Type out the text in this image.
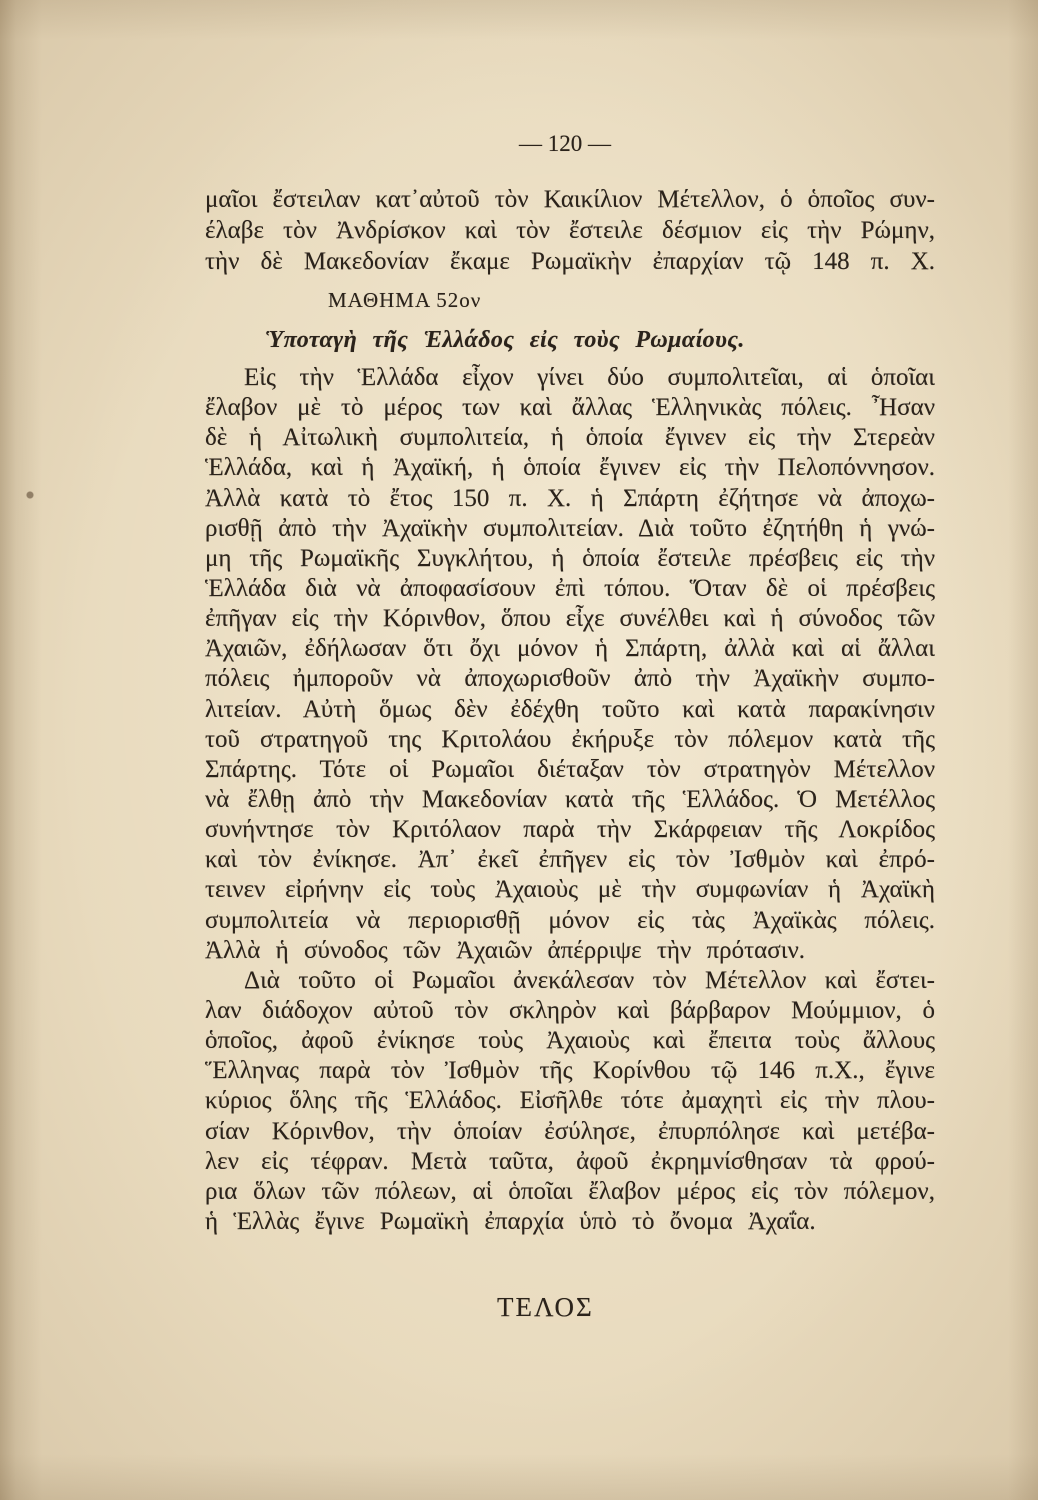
— 120 —
μαῖοι ἔστειλαν κατ᾽αὐτοῦ τὸν Καικίλιον Μέτελλον, ὁ ὁποῖος συν-
έλαβε τὸν Ἀνδρίσκον καὶ τὸν ἔστειλε δέσμιον εἰς τὴν Ρώμην,
τὴν δὲ Μακεδονίαν ἔκαμε Ρωμαϊκὴν ἐπαρχίαν τῷ 148 π. Χ.
ΜΑΘΗΜΑ 52ον
Ὑποταγὴ τῆς Ἑλλάδος εἰς τοὺς Ρωμαίους.
Εἰς τὴν Ἑλλάδα εἶχον γίνει δύο συμπολιτεῖαι, αἱ ὁποῖαι
ἔλαβον μὲ τὸ μέρος των καὶ ἄλλας Ἑλληνικὰς πόλεις. Ἦσαν
δὲ ἡ Αἰτωλικὴ συμπολιτεία, ἡ ὁποία ἔγινεν εἰς τὴν Στερεὰν
Ἑλλάδα, καὶ ἡ Ἀχαϊκή, ἡ ὁποία ἔγινεν εἰς τὴν Πελοπόννησον.
Ἀλλὰ κατὰ τὸ ἔτος 150 π. Χ. ἡ Σπάρτη ἐζήτησε νὰ ἀποχω-
ρισθῇ ἀπὸ τὴν Ἀχαϊκὴν συμπολιτείαν. Διὰ τοῦτο ἐζητήθη ἡ γνώ-
μη τῆς Ρωμαϊκῆς Συγκλήτου, ἡ ὁποία ἔστειλε πρέσβεις εἰς τὴν
Ἑλλάδα διὰ νὰ ἀποφασίσουν ἐπὶ τόπου. Ὅταν δὲ οἱ πρέσβεις
ἐπῆγαν εἰς τὴν Κόρινθον, ὅπου εἶχε συνέλθει καὶ ἡ σύνοδος τῶν
Ἀχαιῶν, ἐδήλωσαν ὅτι ὄχι μόνον ἡ Σπάρτη, ἀλλὰ καὶ αἱ ἄλλαι
πόλεις ἠμποροῦν νὰ ἀποχωρισθοῦν ἀπὸ τὴν Ἀχαϊκὴν συμπο-
λιτείαν. Αὐτὴ ὅμως δὲν ἐδέχθη τοῦτο καὶ κατὰ παρακίνησιν
τοῦ στρατηγοῦ της Κριτολάου ἐκήρυξε τὸν πόλεμον κατὰ τῆς
Σπάρτης. Τότε οἱ Ρωμαῖοι διέταξαν τὸν στρατηγὸν Μέτελλον
νὰ ἔλθῃ ἀπὸ τὴν Μακεδονίαν κατὰ τῆς Ἑλλάδος. Ὁ Μετέλλος
συνήντησε τὸν Κριτόλαον παρὰ τὴν Σκάρφειαν τῆς Λοκρίδος
καὶ τὸν ἐνίκησε. Ἀπ᾽ ἐκεῖ ἐπῆγεν εἰς τὸν Ἰσθμὸν καὶ ἐπρό-
τεινεν εἰρήνην εἰς τοὺς Ἀχαιοὺς μὲ τὴν συμφωνίαν ἡ Ἀχαϊκὴ
συμπολιτεία νὰ περιορισθῇ μόνον εἰς τὰς Ἀχαϊκὰς πόλεις.
Ἀλλὰ ἡ σύνοδος τῶν Ἀχαιῶν ἀπέρριψε τὴν πρότασιν.
Διὰ τοῦτο οἱ Ρωμαῖοι ἀνεκάλεσαν τὸν Μέτελλον καὶ ἔστει-
λαν διάδοχον αὐτοῦ τὸν σκληρὸν καὶ βάρβαρον Μούμμιον, ὁ
ὁποῖος, ἀφοῦ ἐνίκησε τοὺς Ἀχαιοὺς καὶ ἔπειτα τοὺς ἄλλους
Ἕλληνας παρὰ τὸν Ἰσθμὸν τῆς Κορίνθου τῷ 146 π.Χ., ἔγινε
κύριος ὅλης τῆς Ἑλλάδος. Εἰσῆλθε τότε ἀμαχητὶ εἰς τὴν πλου-
σίαν Κόρινθον, τὴν ὁποίαν ἐσύλησε, ἐπυρπόλησε καὶ μετέβα-
λεν εἰς τέφραν. Μετὰ ταῦτα, ἀφοῦ ἐκρημνίσθησαν τὰ φρού-
ρια ὅλων τῶν πόλεων, αἱ ὁποῖαι ἔλαβον μέρος εἰς τὸν πόλεμον,
ἡ Ἑλλὰς ἔγινε Ρωμαϊκὴ ἐπαρχία ὑπὸ τὸ ὄνομα Ἀχαΐα.
ΤΕΛΟΣ
